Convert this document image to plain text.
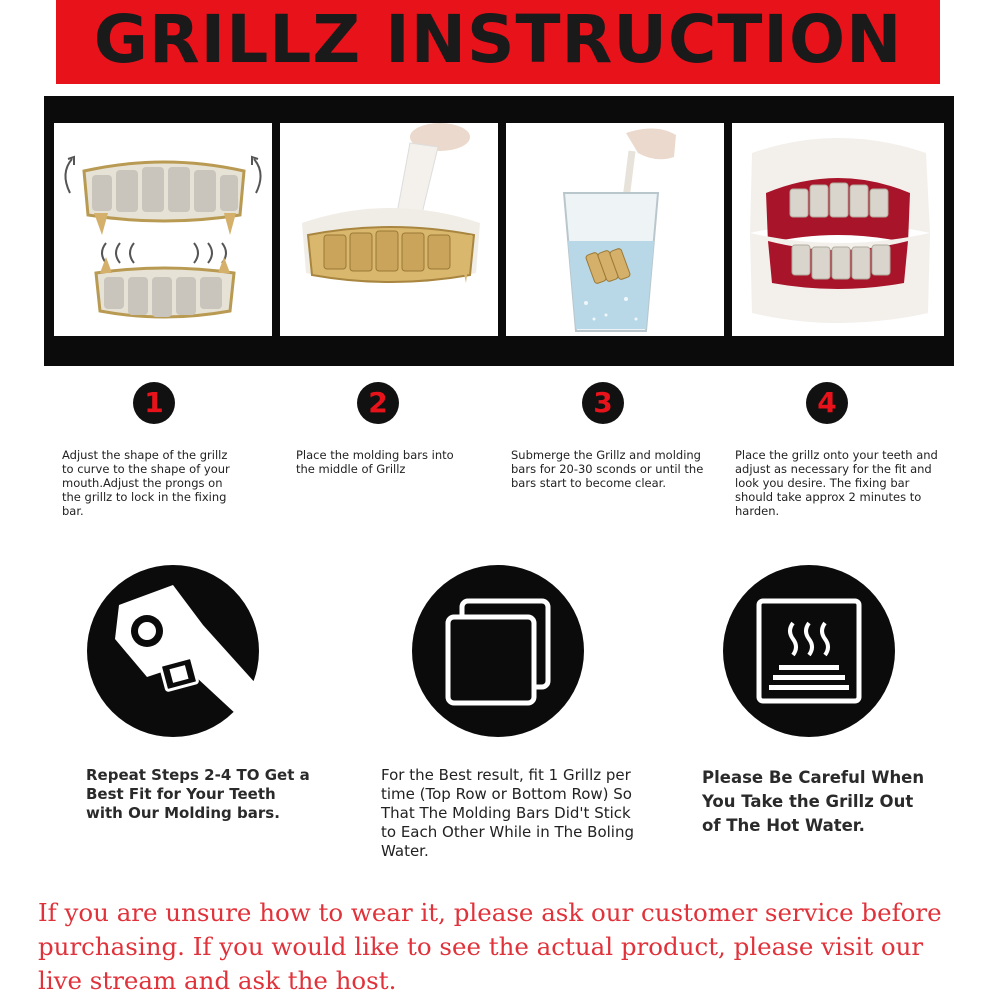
GRILLZ INSTRUCTION
1	2	3	4
Adjust the shape of the grillz to curve to the shape of your mouth.Adjust the prongs on the grillz to lock in the fixing bar.
Place the molding bars into the middle of Grillz
Submerge the Grillz and molding bars for 20-30 sconds or until the bars start to become clear.
Place the grillz onto your teeth and adjust as necessary for the fit and look you desire. The fixing bar should take approx 2 minutes to harden.
Repeat Steps 2-4 TO Get a Best Fit for Your Teeth with Our Molding bars.
For the Best result, fit 1 Grillz per time (Top Row or Bottom Row) So That The Molding Bars Did't Stick to Each Other While in The Boling Water.
Please Be Careful When You Take the Grillz Out of The Hot Water.
If you are unsure how to wear it, please ask our customer service before purchasing. If you would like to see the actual product, please visit our live stream and ask the host.
